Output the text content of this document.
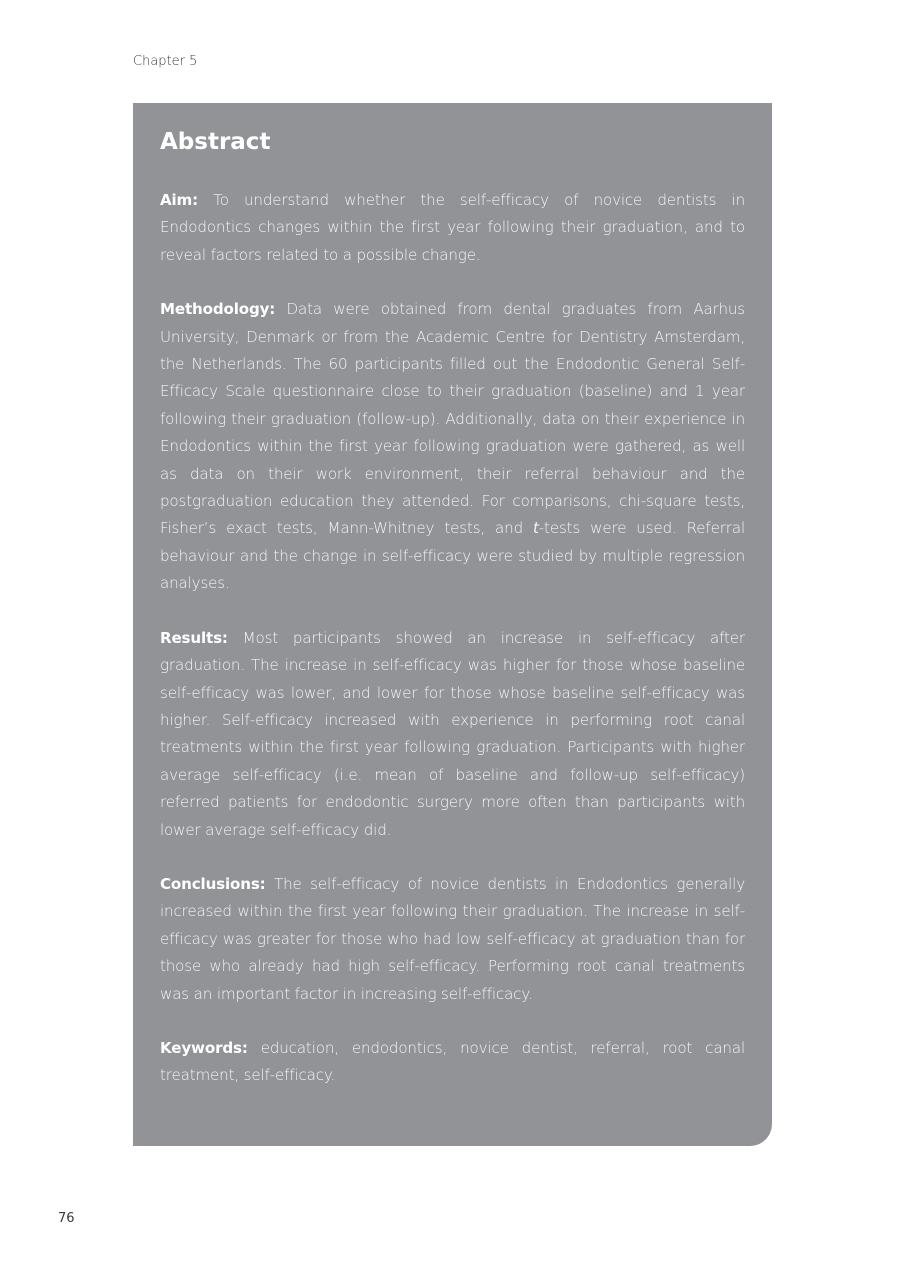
Chapter 5
Abstract

Aim: To understand whether the self-efficacy of novice dentists in Endodontics changes within the first year following their graduation, and to reveal factors related to a possible change.

Methodology: Data were obtained from dental graduates from Aarhus University, Denmark or from the Academic Centre for Dentistry Amsterdam, the Netherlands. The 60 participants filled out the Endodontic General Self-Efficacy Scale questionnaire close to their graduation (baseline) and 1 year following their graduation (follow-up). Additionally, data on their experience in Endodontics within the first year following graduation were gathered, as well as data on their work environment, their referral behaviour and the postgraduation education they attended. For comparisons, chi-square tests, Fisher’s exact tests, Mann-Whitney tests, and t-tests were used. Referral behaviour and the change in self-efficacy were studied by multiple regression analyses.

Results: Most participants showed an increase in self-efficacy after graduation. The increase in self-efficacy was higher for those whose baseline self-efficacy was lower, and lower for those whose baseline self-efficacy was higher. Self-efficacy increased with experience in performing root canal treatments within the first year following graduation. Participants with higher average self-efficacy (i.e. mean of baseline and follow-up self-efficacy) referred patients for endodontic surgery more often than participants with lower average self-efficacy did.

Conclusions: The self-efficacy of novice dentists in Endodontics generally increased within the first year following their graduation. The increase in self-efficacy was greater for those who had low self-efficacy at graduation than for those who already had high self-efficacy. Performing root canal treatments was an important factor in increasing self-efficacy.

Keywords: education, endodontics, novice dentist, referral, root canal treatment, self-efficacy.

76
